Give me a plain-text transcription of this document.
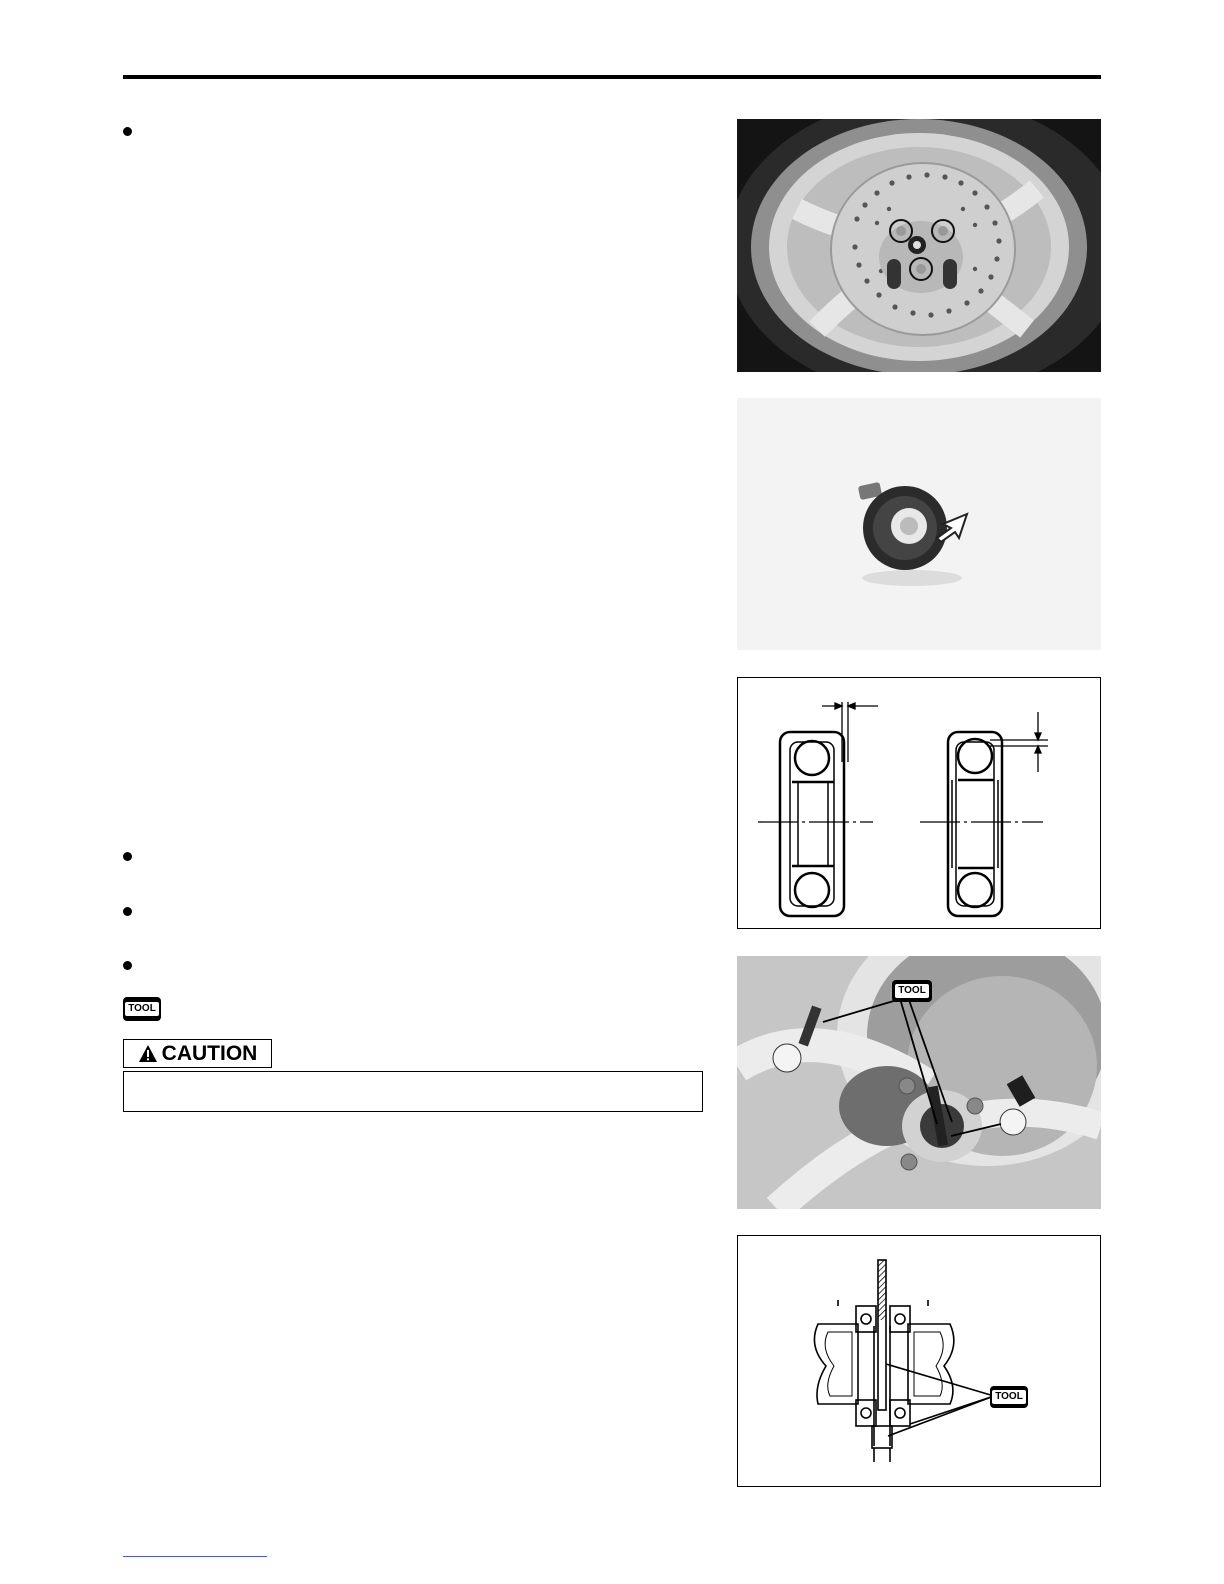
TOOL
CAUTION
TOOL
TOOL
